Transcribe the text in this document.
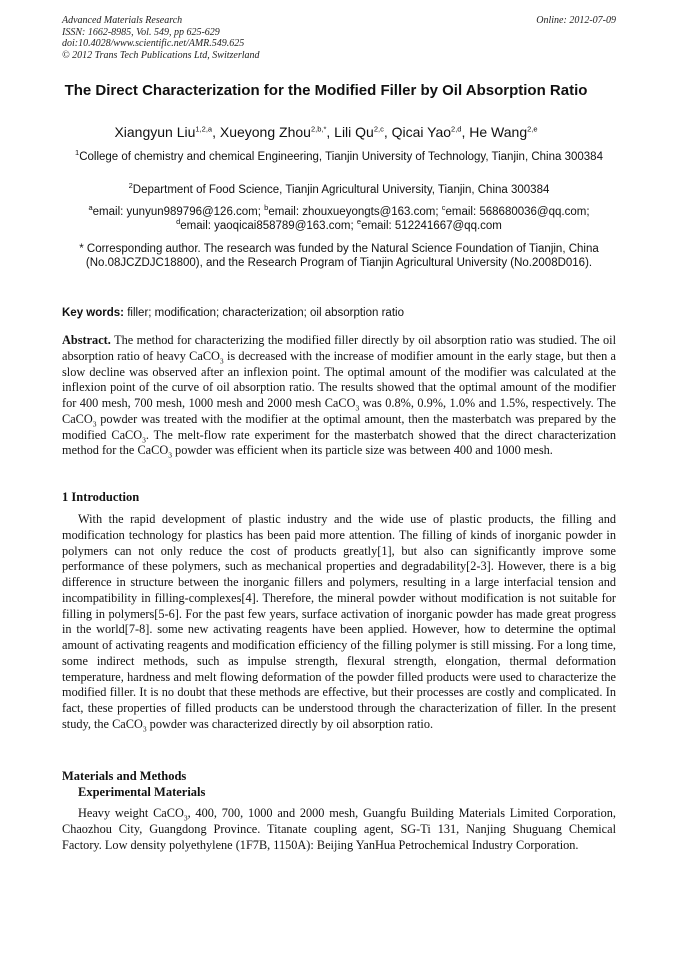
Advanced Materials Research
ISSN: 1662-8985, Vol. 549, pp 625-629
doi:10.4028/www.scientific.net/AMR.549.625
© 2012 Trans Tech Publications Ltd, Switzerland
Online: 2012-07-09
The Direct Characterization for the Modified Filler by Oil Absorption Ratio
Xiangyun Liu$^{1,2,a}$, Xueyong Zhou$^{2,b,*}$, Lili Qu$^{2,c}$, Qicai Yao$^{2,d}$, He Wang$^{2,e}$
$^1$College of chemistry and chemical Engineering, Tianjin University of Technology, Tianjin, China 300384
$^2$Department of Food Science, Tianjin Agricultural University, Tianjin, China 300384
$^a$email: yunyun989796@126.com; $^b$email: zhouxueyongts@163.com; $^c$email: 568680036@qq.com;
$^d$email: yaoqicai858789@163.com; $^e$email: 512241667@qq.com
* Corresponding author. The research was funded by the Natural Science Foundation of Tianjin, China (No.08JCZDJC18800), and the Research Program of Tianjin Agricultural University (No.2008D016).
Key words: filler; modification; characterization; oil absorption ratio
Abstract. The method for characterizing the modified filler directly by oil absorption ratio was studied. The oil absorption ratio of heavy CaCO$_3$ is decreased with the increase of modifier amount in the early stage, but then a slow decline was observed after an inflexion point. The optimal amount of the modifier was calculated at the inflexion point of the curve of oil absorption ratio. The results showed that the optimal amount of the modifier for 400 mesh, 700 mesh, 1000 mesh and 2000 mesh CaCO$_3$ was 0.8%, 0.9%, 1.0% and 1.5%, respectively. The CaCO$_3$ powder was treated with the modifier at the optimal amount, then the masterbatch was prepared by the modified CaCO$_3$. The melt-flow rate experiment for the masterbatch showed that the direct characterization method for the CaCO$_3$ powder was efficient when its particle size was between 400 and 1000 mesh.
1 Introduction
With the rapid development of plastic industry and the wide use of plastic products, the filling and modification technology for plastics has been paid more attention. The filling of kinds of inorganic powder in polymers can not only reduce the cost of products greatly[1], but also can significantly improve some performance of these polymers, such as mechanical properties and degradability[2-3]. However, there is a big difference in structure between the inorganic fillers and polymers, resulting in a large interfacial tension and incompatibility in filling-complexes[4]. Therefore, the mineral powder without modification is not suitable for filling in polymers[5-6]. For the past few years, surface activation of inorganic powder has made great progress in the world[7-8]. some new activating reagents have been applied. However, how to determine the optimal amount of activating reagents and modification efficiency of the filling polymer is still missing. For a long time, some indirect methods, such as impulse strength, flexural strength, elongation, thermal deformation temperature, hardness and melt flowing deformation of the powder filled products were used to characterize the modified filler. It is no doubt that these methods are effective, but their processes are costly and complicated. In fact, these properties of filled products can be understood through the characterization of filler. In the present study, the CaCO$_3$ powder was characterized directly by oil absorption ratio.
Materials and Methods
Experimental Materials
Heavy weight CaCO$_3$, 400, 700, 1000 and 2000 mesh, Guangfu Building Materials Limited Corporation, Chaozhou City, Guangdong Province. Titanate coupling agent, SG-Ti 131, Nanjing Shuguang Chemical Factory. Low density polyethylene (1F7B, 1150A): Beijing YanHua Petrochemical Industry Corporation.
